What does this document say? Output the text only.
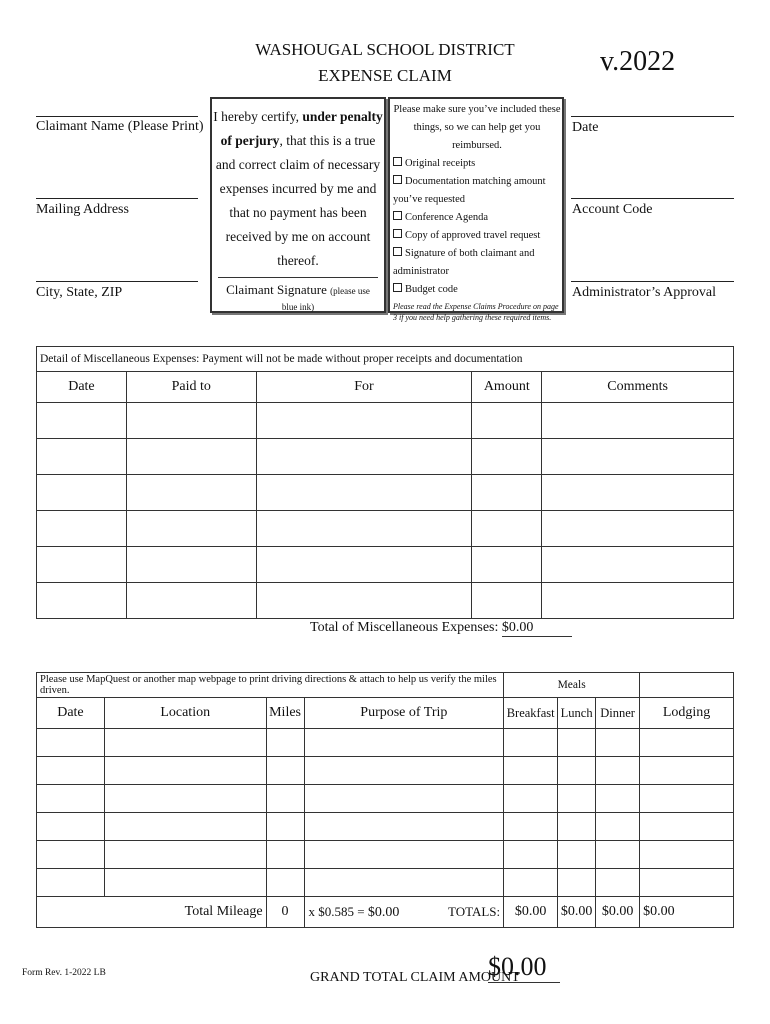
WASHOUGAL SCHOOL DISTRICT
EXPENSE CLAIM	v.2022
Claimant Name (Please Print)
Mailing Address
City, State, ZIP
Date
Account Code
Administrator’s Approval
I hereby certify, under penalty of perjury, that this is a true and correct claim of necessary expenses incurred by me and that no payment has been received by me on account thereof.
Claimant Signature (please use blue ink)
Please make sure you’ve included these things, so we can help get you reimbursed.
Original receipts
Documentation matching amount you’ve requested
Conference Agenda
Copy of approved travel request
Signature of both claimant and administrator
Budget code
Please read the Expense Claims Procedure on page 3 if you need help gathering these required items.
Detail of Miscellaneous Expenses: Payment will not be made without proper receipts and documentation				
Date	Paid to	For	Amount	Comments

Total of Miscellaneous Expenses: $0.00
Please use MapQuest or another map webpage to print driving directions & attach to help us verify the miles driven.				Meals			
Date	Location	Miles	Purpose of Trip	Breakfast	Lunch	Dinner	Lodging

Total Mileage		0	x $0.585 = $0.00 TOTALS:	$0.00	$0.00	$0.00	$0.00
Form Rev. 1-2022 LB	GRAND TOTAL CLAIM AMOUNT
$0.00
